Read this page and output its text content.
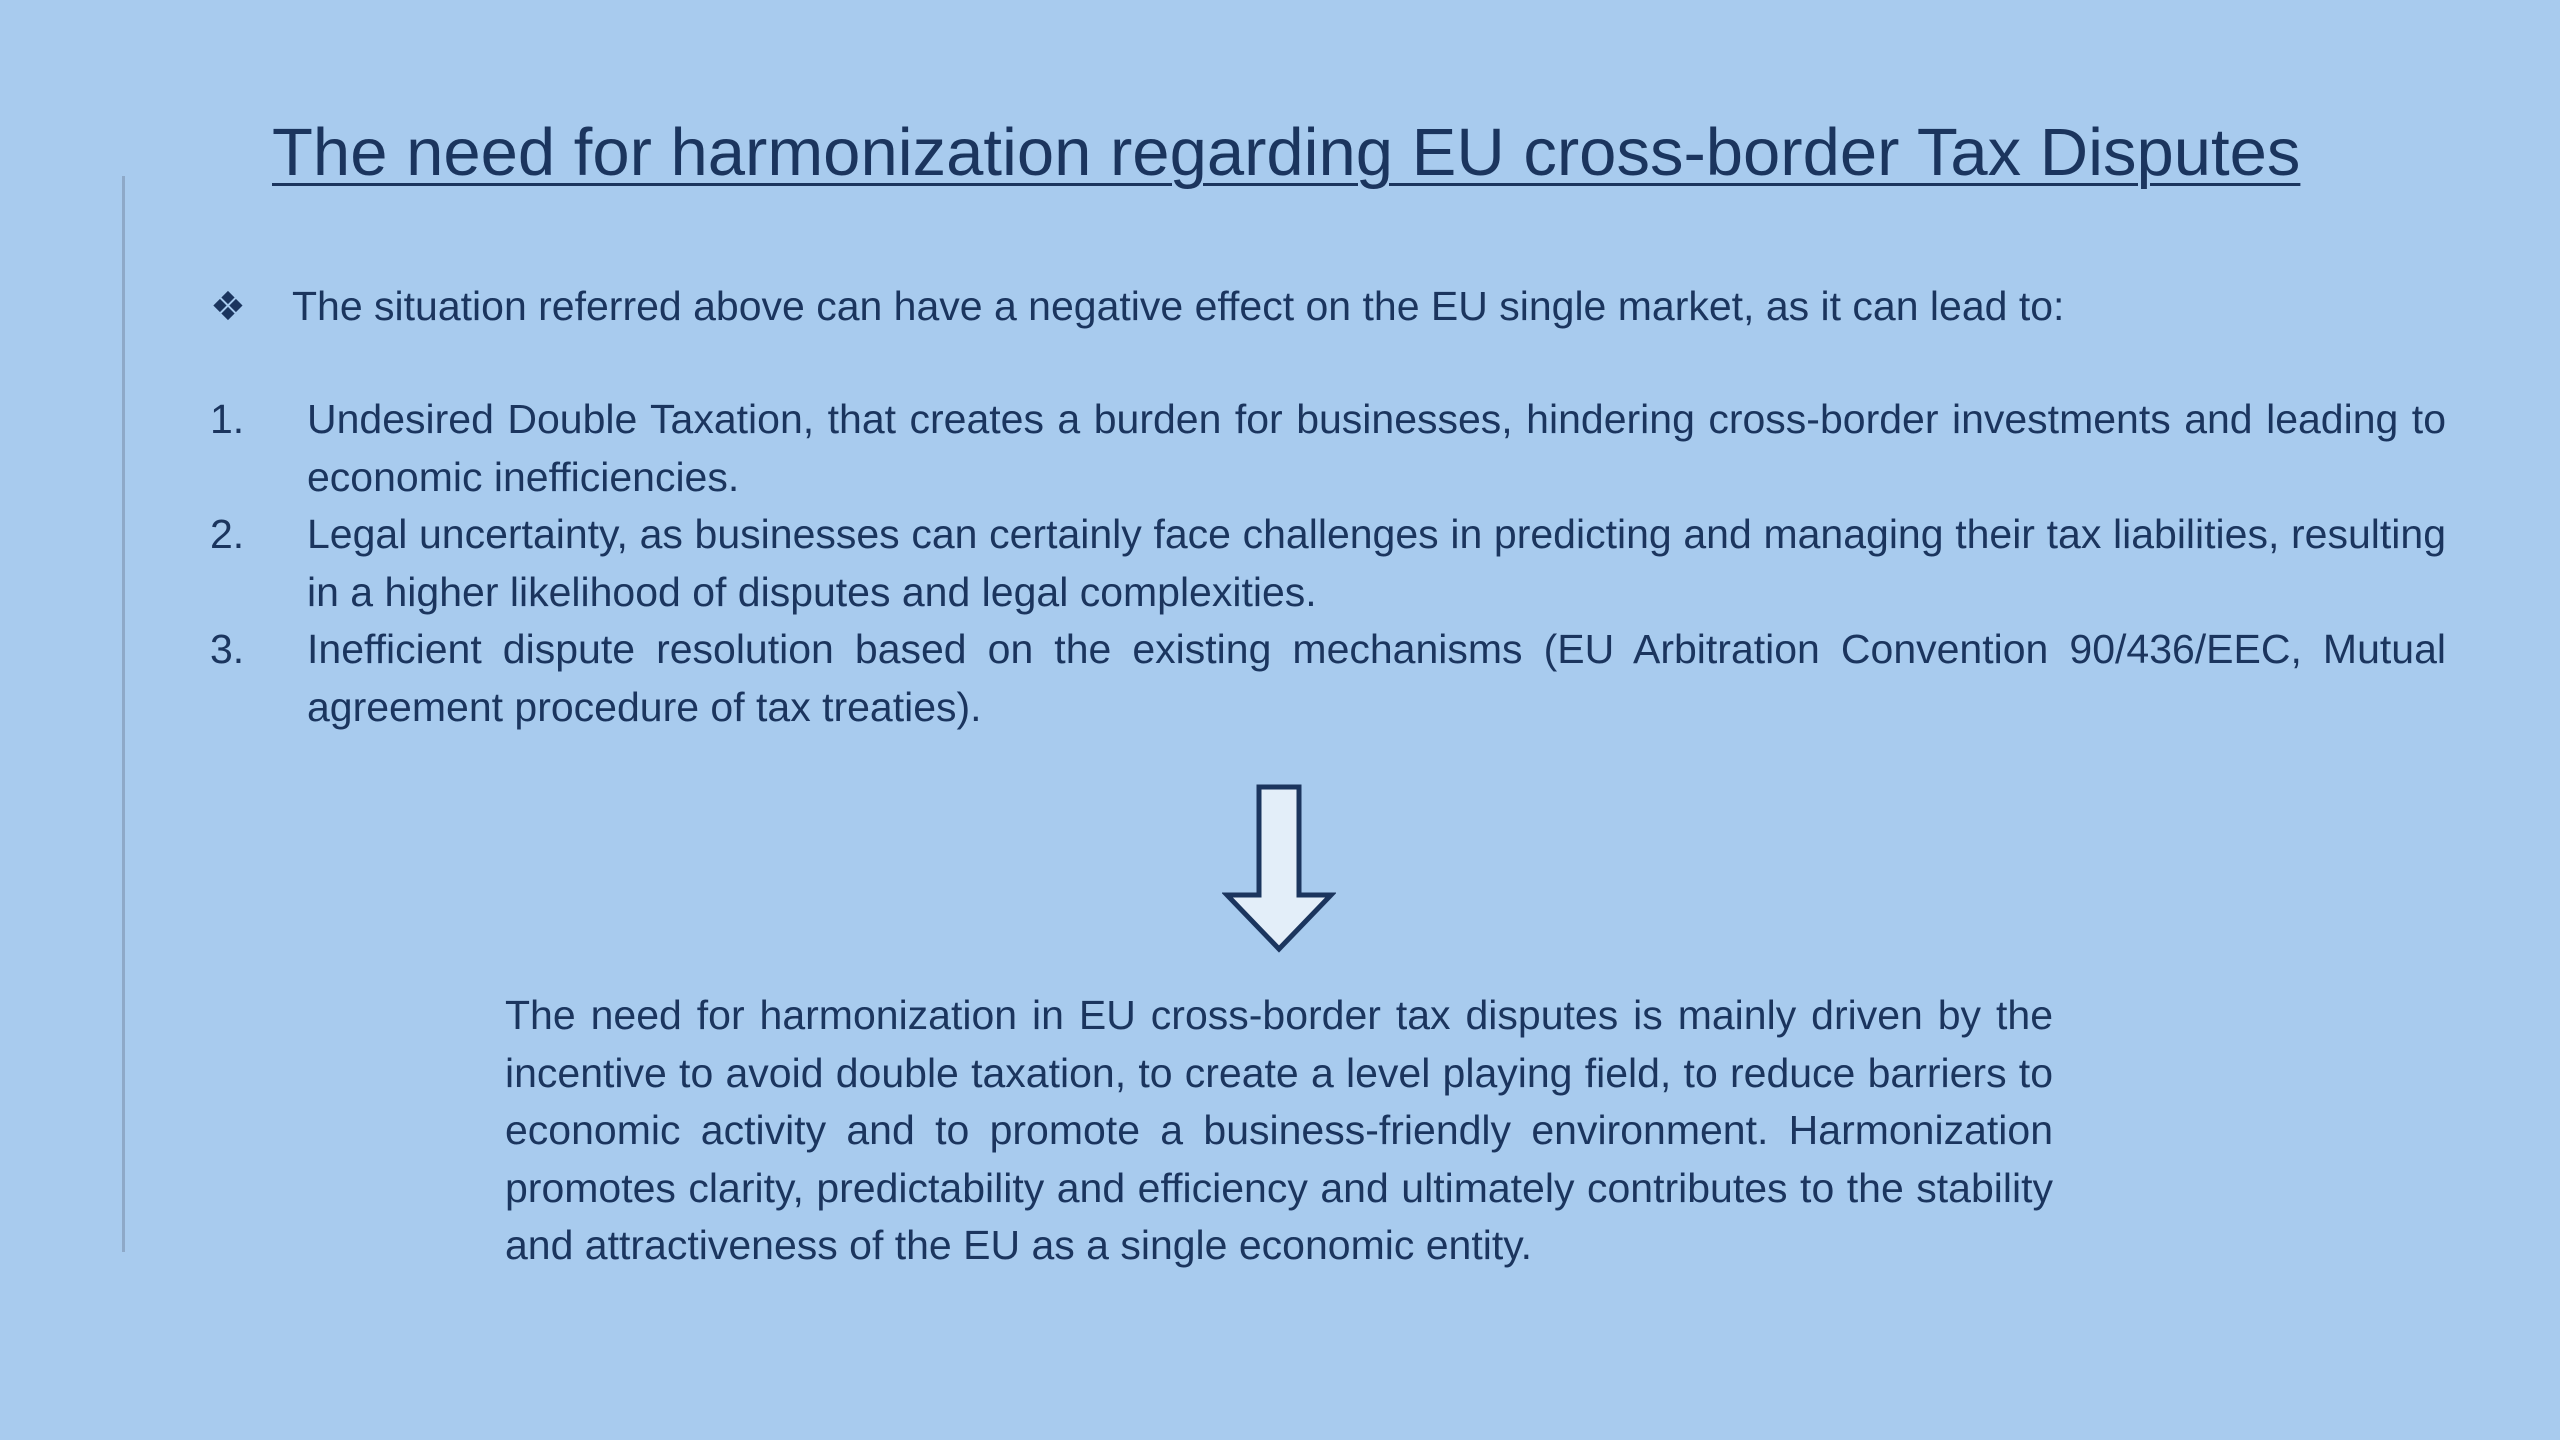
The need for harmonization regarding EU cross-border Tax Disputes
❖ The situation referred above can have a negative effect on the EU single market, as it can lead to:
1. Undesired Double Taxation, that creates a burden for businesses, hindering cross-border investments and leading to economic inefficiencies.
2. Legal uncertainty, as businesses can certainly face challenges in predicting and managing their tax liabilities, resulting in a higher likelihood of disputes and legal complexities.
3. Inefficient dispute resolution based on the existing mechanisms (EU Arbitration Convention 90/436/EEC, Mutual agreement procedure of tax treaties).
The need for harmonization in EU cross-border tax disputes is mainly driven by the incentive to avoid double taxation, to create a level playing field, to reduce barriers to economic activity and to promote a business-friendly environment. Harmonization promotes clarity, predictability and efficiency and ultimately contributes to the stability and attractiveness of the EU as a single economic entity.
